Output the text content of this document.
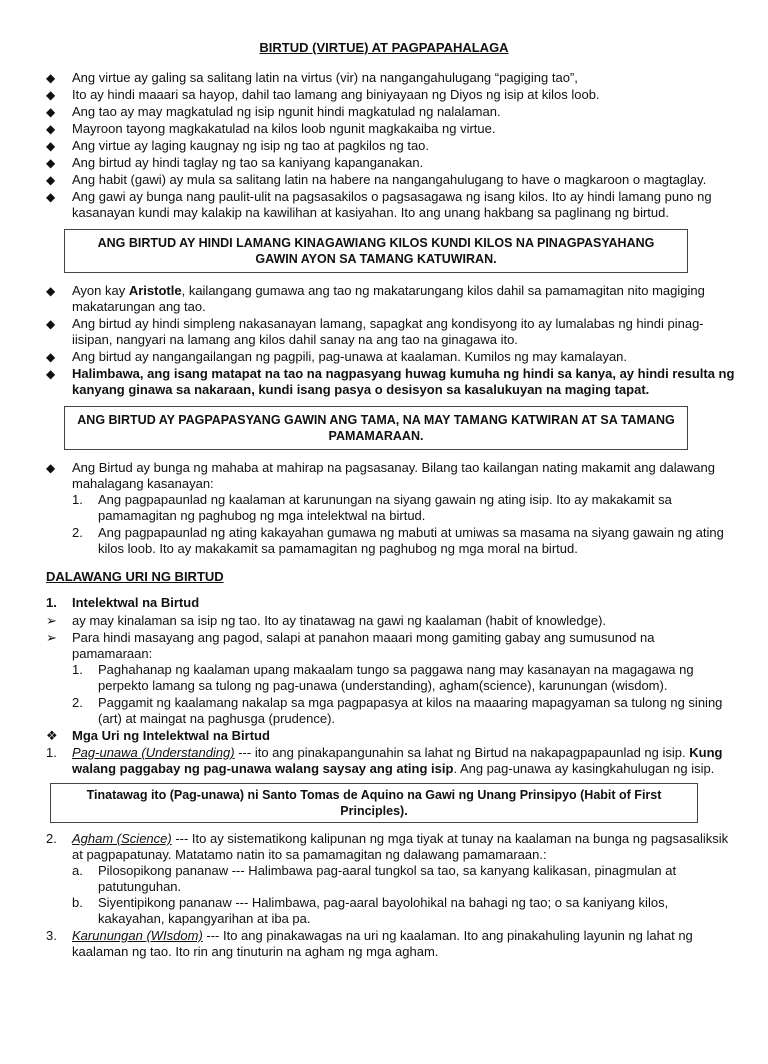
BIRTUD (VIRTUE) AT PAGPAPAHALAGA
◆	Ang virtue ay galing sa salitang latin na virtus (vir) na nangangahulugang “pagiging tao”,
◆	Ito ay hindi maaari sa hayop, dahil tao lamang ang biniyayaan ng Diyos ng isip at kilos loob.
◆	Ang tao ay may magkatulad ng isip ngunit hindi magkatulad ng nalalaman.
◆	Mayroon tayong magkakatulad na kilos loob ngunit magkakaiba ng virtue.
◆	Ang virtue ay laging kaugnay ng isip ng tao at pagkilos ng tao.
◆	Ang birtud ay hindi taglay ng tao sa kaniyang kapanganakan.
◆	Ang habit (gawi) ay mula sa salitang latin na habere na nangangahulugang to have o magkaroon o magtaglay.
◆	Ang gawi ay bunga nang paulit-ulit na pagsasakilos o pagsasagawa ng isang kilos. Ito ay hindi lamang puno ng kasanayan kundi may kalakip na kawilihan at kasiyahan. Ito ang unang hakbang sa paglinang ng birtud.
ANG BIRTUD AY HINDI LAMANG KINAGAWIANG KILOS KUNDI KILOS NA PINAGPASYAHANG GAWIN AYON SA TAMANG KATUWIRAN.
◆	Ayon kay Aristotle, kailangang gumawa ang tao ng makatarungang kilos dahil sa pamamagitan nito magiging makatarungan ang tao.
◆	Ang birtud ay hindi simpleng nakasanayan lamang, sapagkat ang kondisyong ito ay lumalabas ng hindi pinag-iisipan, nangyari na lamang ang kilos dahil sanay na ang tao na ginagawa ito.
◆	Ang birtud ay nangangailangan ng pagpili, pag-unawa at kaalaman. Kumilos ng may kamalayan.
◆	Halimbawa, ang isang matapat na tao na nagpasyang huwag kumuha ng hindi sa kanya, ay hindi resulta ng kanyang ginawa sa nakaraan, kundi isang pasya o desisyon sa kasalukuyan na maging tapat.
ANG BIRTUD AY PAGPAPASYANG GAWIN ANG TAMA, NA MAY TAMANG KATWIRAN AT SA TAMANG PAMAMARAAN.
◆	Ang Birtud ay bunga ng mahaba at mahirap na pagsasanay. Bilang tao kailangan nating makamit ang dalawang mahalagang kasanayan:
1.	Ang pagpapaunlad ng kaalaman at karunungan na siyang gawain ng ating isip. Ito ay makakamit sa pamamagitan ng paghubog ng mga intelektwal na birtud.
2.	Ang pagpapaunlad ng ating kakayahan gumawa ng mabuti at umiwas sa masama na siyang gawain ng ating kilos loob. Ito ay makakamit sa pamamagitan ng paghubog ng mga moral na birtud.
DALAWANG URI NG BIRTUD
1. Intelektwal na Birtud
➢	ay may kinalaman sa isip ng tao. Ito ay tinatawag na gawi ng kaalaman (habit of knowledge).
➢	Para hindi masayang ang pagod, salapi at panahon maaari mong gamiting gabay ang sumusunod na pamamaraan:
1.	Paghahanap ng kaalaman upang makaalam tungo sa paggawa nang may kasanayan na magagawa ng perpekto lamang sa tulong ng pag-unawa (understanding), agham(science), karunungan (wisdom).
2.	Paggamit ng kaalamang nakalap sa mga pagpapasya at kilos na maaaring mapagyaman sa tulong ng sining (art) at maingat na paghusga (prudence).
❖	Mga Uri ng Intelektwal na Birtud
1.	Pag-unawa (Understanding) --- ito ang pinakapangunahin sa lahat ng Birtud na nakapagpapaunlad ng isip. Kung walang paggabay ng pag-unawa walang saysay ang ating isip. Ang pag-unawa ay kasingkahulugan ng isip.
Tinatawag ito (Pag-unawa) ni Santo Tomas de Aquino na Gawi ng Unang Prinsipyo (Habit of First Principles).
2.	Agham (Science) --- Ito ay sistematikong kalipunan ng mga tiyak at tunay na kaalaman na bunga ng pagsasaliksik at pagpapatunay. Matatamo natin ito sa pamamagitan ng dalawang pamamaraan.:
a.	Pilosopikong pananaw --- Halimbawa pag-aaral tungkol sa tao, sa kanyang kalikasan, pinagmulan at patutunguhan.
b.	Siyentipikong pananaw --- Halimbawa, pag-aaral bayolohikal na bahagi ng tao; o sa kaniyang kilos, kakayahan, kapangyarihan at iba pa.
3.	Karunungan (WIsdom) --- Ito ang pinakawagas na uri ng kaalaman. Ito ang pinakahuling layunin ng lahat ng kaalaman ng tao. Ito rin ang tinuturin na agham ng mga agham.
